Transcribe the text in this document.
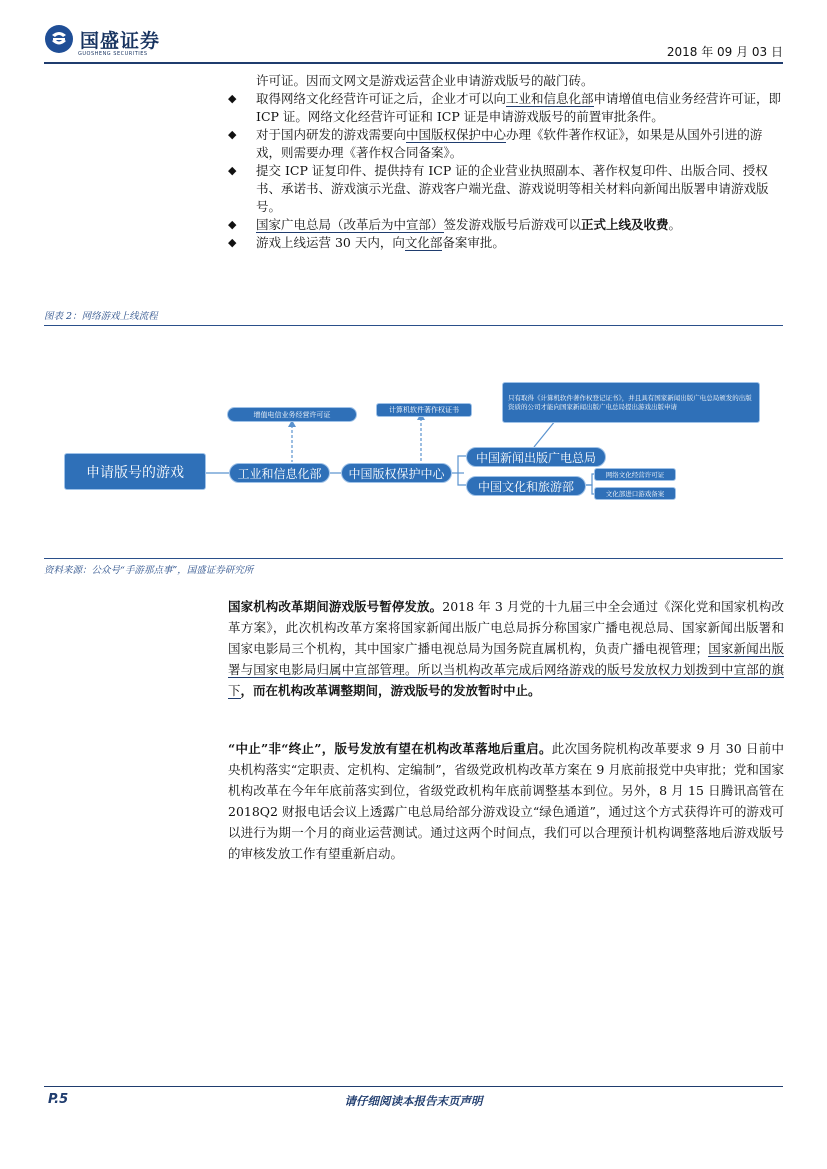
国盛证券
GUOSHENG SECURITIES	2018 年 09 月 03 日

许可证。因而文网文是游戏运营企业申请游戏版号的敲门砖。

◆ 取得网络文化经营许可证之后，企业才可以向工业和信息化部申请增值电信业务经营许可证，即 ICP 证。网络文化经营许可证和 ICP 证是申请游戏版号的前置审批条件。

◆ 对于国内研发的游戏需要向中国版权保护中心办理《软件著作权证》，如果是从国外引进的游戏，则需要办理《著作权合同备案》。

◆ 提交 ICP 证复印件、提供持有 ICP 证的企业营业执照副本、著作权复印件、出版合同、授权书、承诺书、游戏演示光盘、游戏客户端光盘、游戏说明等相关材料向新闻出版署申请游戏版号。

◆ 国家广电总局（改革后为中宣部）签发游戏版号后游戏可以正式上线及收费。

◆ 游戏上线运营 30 天内，向文化部备案审批。

图表 2：网络游戏上线流程
申请版号的游戏	工业和信息化部	中国版权保护中心
中国新闻出版广电总局
中国文化和旅游部
增值电信业务经营许可证
计算机软件著作权证书
只有取得《计算机软件著作权登记证书》，并且具有国家新闻出版广电总局颁发的出版资质的公司才能向国家新闻出版广电总局提出游戏出版申请
网络文化经营许可证
文化部进口游戏备案
资料来源：公众号“手游那点事”，国盛证券研究所
国家机构改革期间游戏版号暂停发放。2018 年 3 月党的十九届三中全会通过《深化党和国家机构改革方案》，此次机构改革方案将国家新闻出版广电总局拆分称国家广播电视总局、国家新闻出版署和国家电影局三个机构，其中国家广播电视总局为国务院直属机构，负责广播电视管理；国家新闻出版署与国家电影局归属中宣部管理。所以当机构改革完成后网络游戏的版号发放权力划拨到中宣部的旗下，而在机构改革调整期间，游戏版号的发放暂时中止。
“中止”非“终止”，版号发放有望在机构改革落地后重启。此次国务院机构改革要求 9 月 30 日前中央机构落实“定职责、定机构、定编制”，省级党政机构改革方案在 9 月底前报党中央审批；党和国家机构改革在今年年底前落实到位，省级党政机构年底前调整基本到位。另外，8 月 15 日腾讯高管在 2018Q2 财报电话会议上透露广电总局给部分游戏设立“绿色通道”，通过这个方式获得许可的游戏可以进行为期一个月的商业运营测试。通过这两个时间点，我们可以合理预计机构调整落地后游戏版号的审核发放工作有望重新启动。
P.5	请仔细阅读本报告末页声明
